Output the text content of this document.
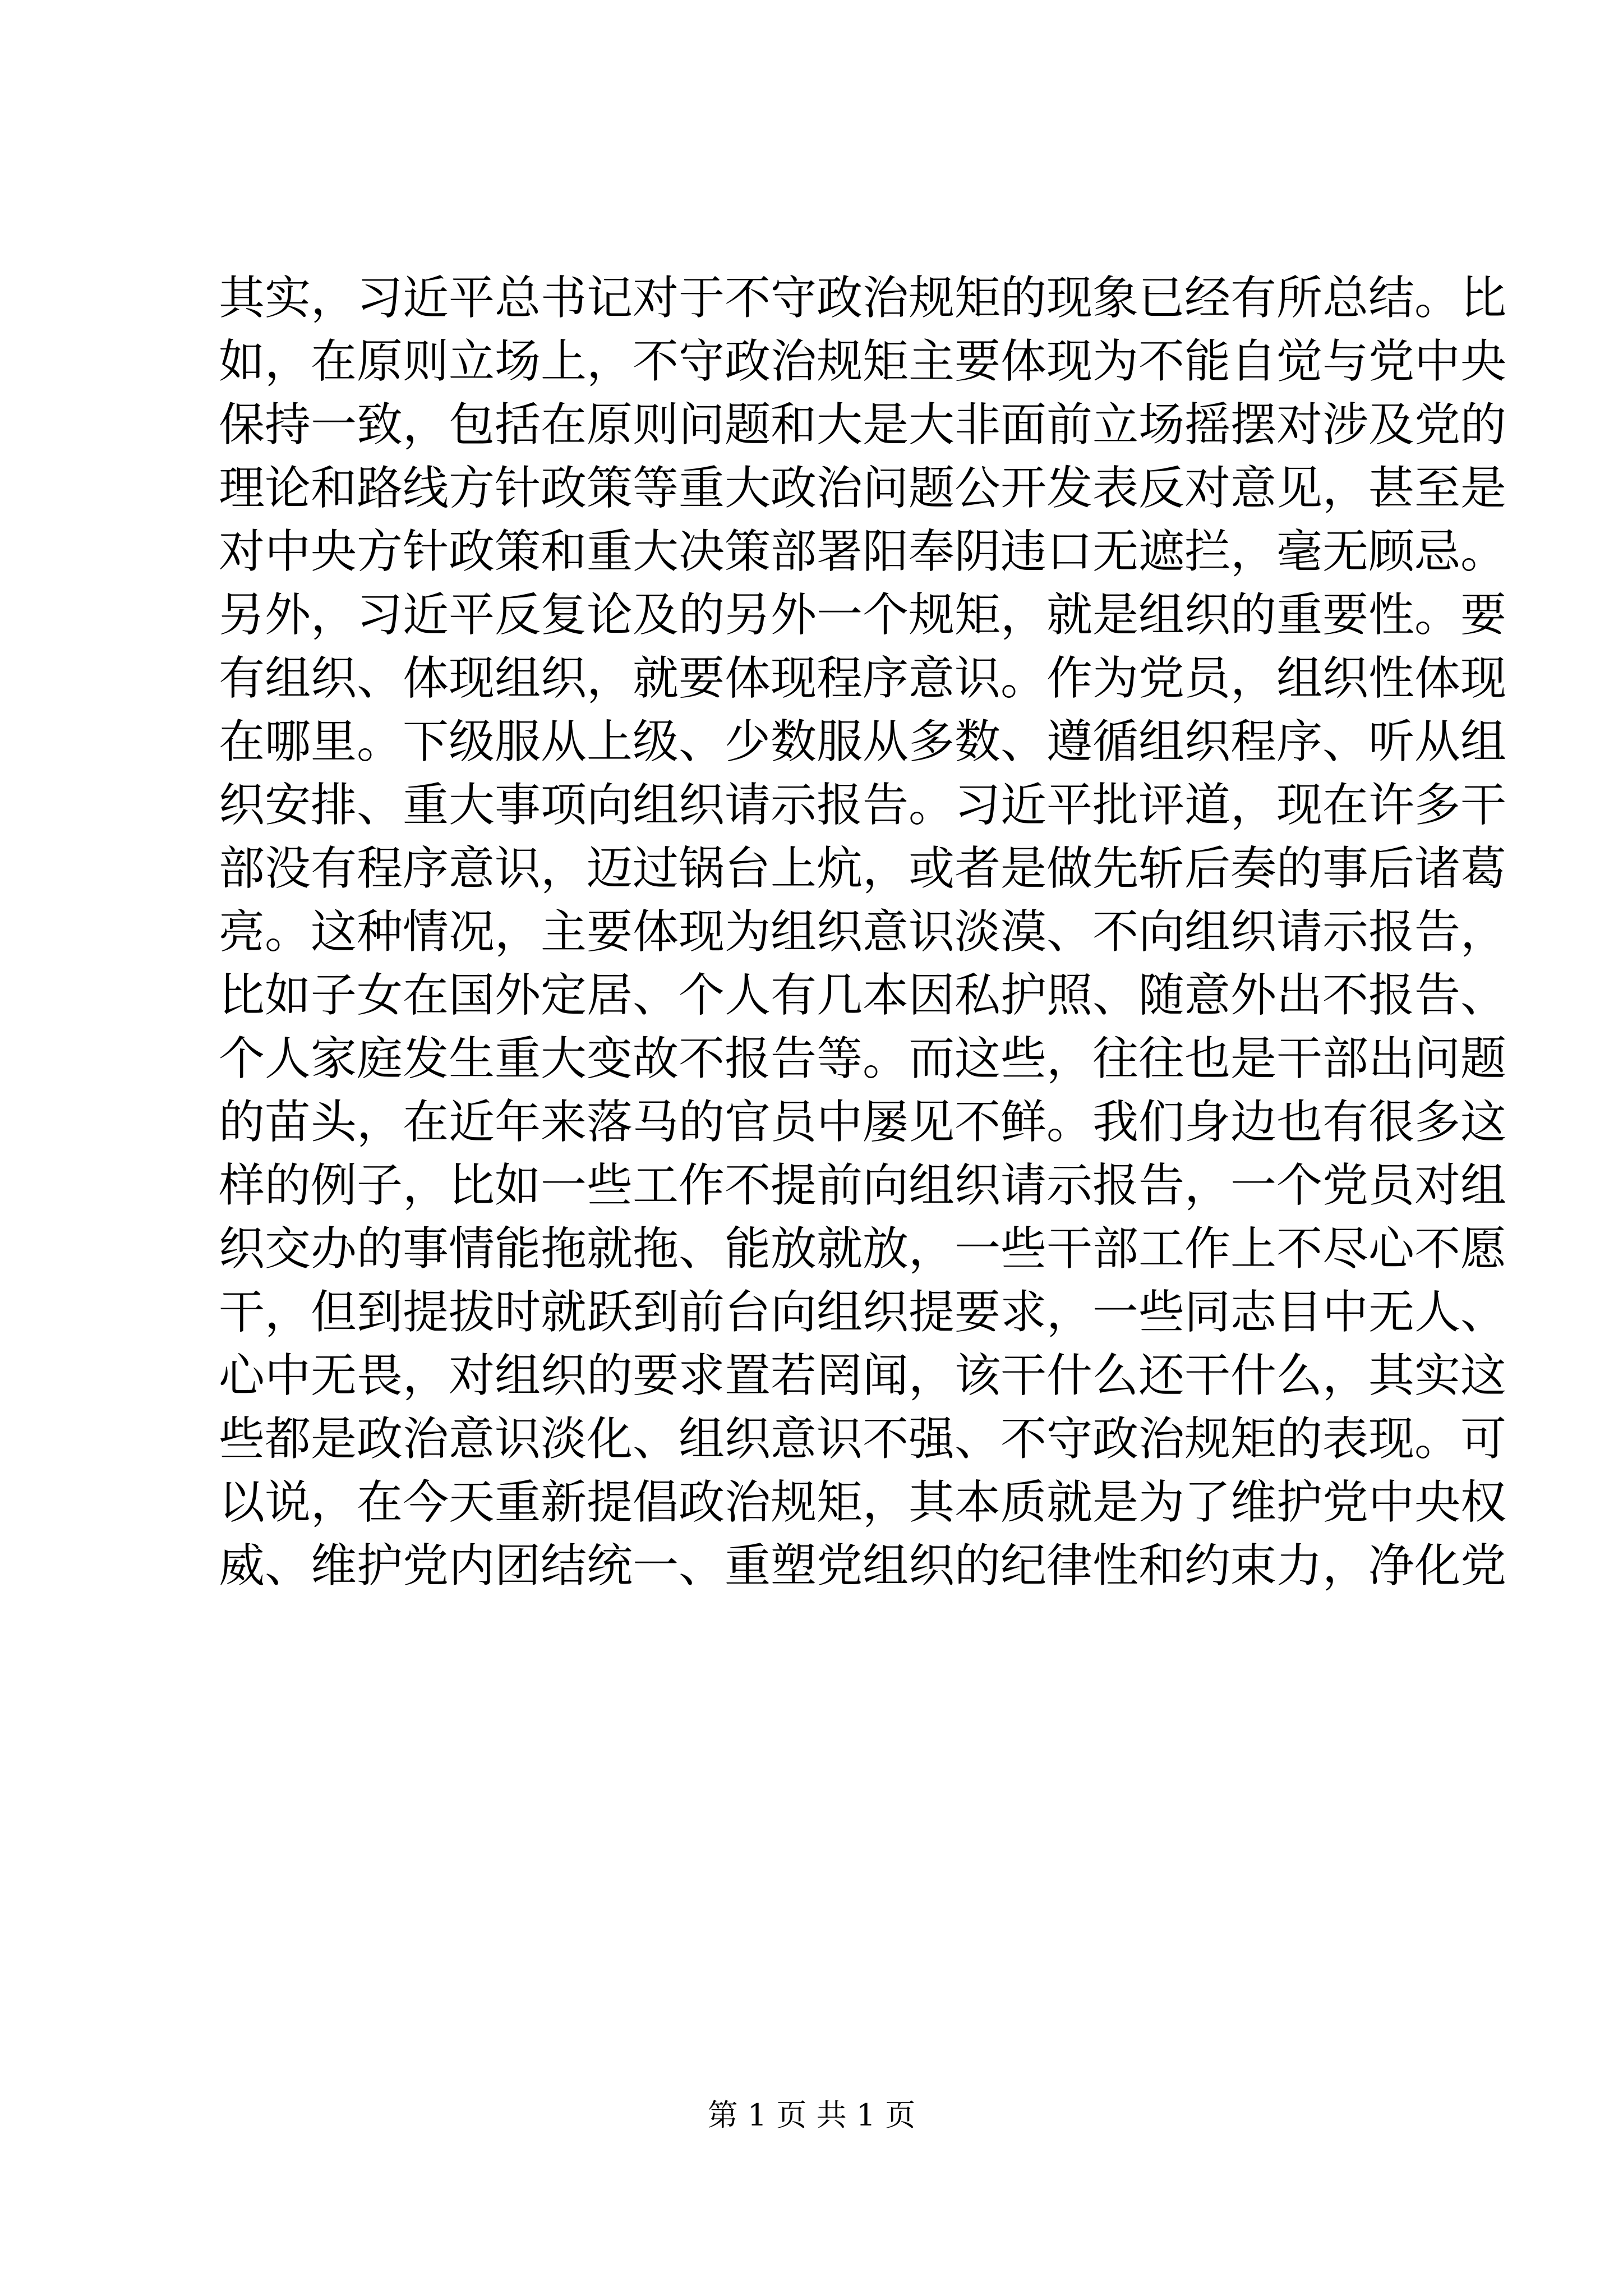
其实，习近平总书记对于不守政治规矩的现象已经有所总结。比
如，在原则立场上，不守政治规矩主要体现为不能自觉与党中央
保持一致，包括在原则问题和大是大非面前立场摇摆对涉及党的
理论和路线方针政策等重大政治问题公开发表反对意见，甚至是
对中央方针政策和重大决策部署阳奉阴违口无遮拦，毫无顾忌。
另外，习近平反复论及的另外一个规矩，就是组织的重要性。要
有组织、体现组织，就要体现程序意识。作为党员，组织性体现
在哪里。下级服从上级、少数服从多数、遵循组织程序、听从组
织安排、重大事项向组织请示报告。习近平批评道，现在许多干
部没有程序意识，迈过锅台上炕，或者是做先斩后奏的事后诸葛
亮。这种情况，主要体现为组织意识淡漠、不向组织请示报告，
比如子女在国外定居、个人有几本因私护照、随意外出不报告、
个人家庭发生重大变故不报告等。而这些，往往也是干部出问题
的苗头，在近年来落马的官员中屡见不鲜。我们身边也有很多这
样的例子，比如一些工作不提前向组织请示报告，一个党员对组
织交办的事情能拖就拖、能放就放，一些干部工作上不尽心不愿
干，但到提拔时就跃到前台向组织提要求，一些同志目中无人、
心中无畏，对组织的要求置若罔闻，该干什么还干什么，其实这
些都是政治意识淡化、组织意识不强、不守政治规矩的表现。可
以说，在今天重新提倡政治规矩，其本质就是为了维护党中央权
威、维护党内团结统一、重塑党组织的纪律性和约束力，净化党
第 1 页 共 1 页
